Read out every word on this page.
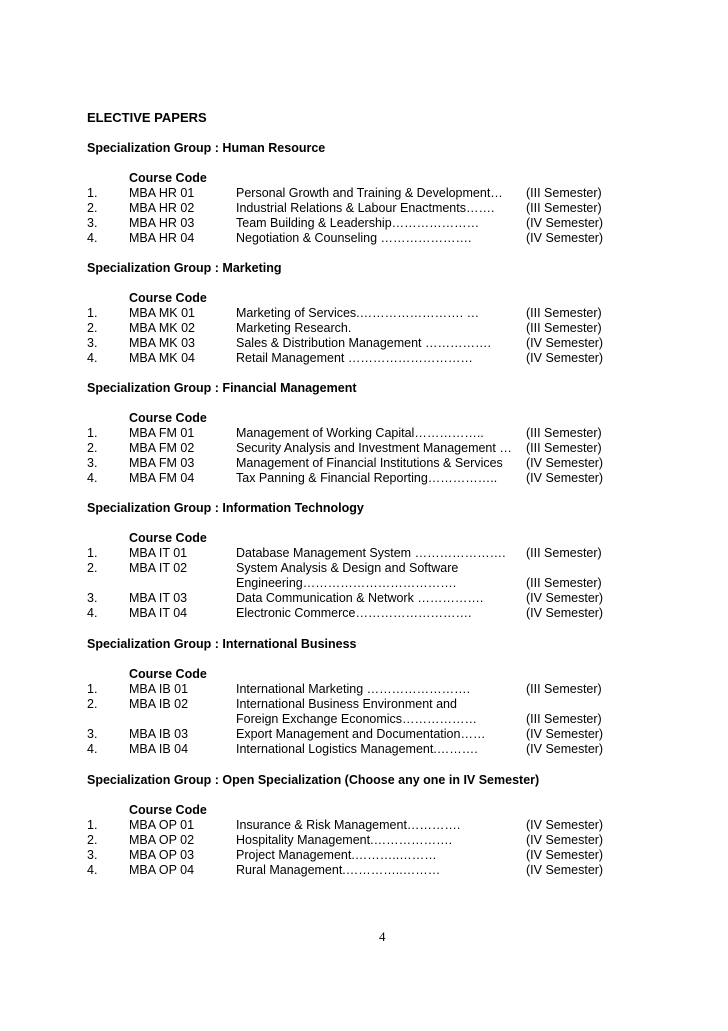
ELECTIVE PAPERS
Specialization Group : Human Resource
Course Code
1.	MBA HR 01	Personal Growth and Training & Development… (III Semester)
2.	MBA HR 02	Industrial Relations & Labour Enactments…….	(III Semester)
3.	MBA HR 03	Team Building & Leadership…………………	(IV Semester)
4.	MBA HR 04	Negotiation & Counseling ………………….	(IV Semester)
Specialization Group : Marketing
Course Code
1.	MBA MK 01	Marketing of Services.……………………. …	(III Semester)
2.	MBA MK 02	Marketing Research.	(III Semester)
3.	MBA MK 03	Sales & Distribution Management …………….	(IV Semester)
4.	MBA MK 04	Retail Management …………………………	(IV Semester)
Specialization Group : Financial Management
Course Code
1.	MBA FM 01	Management of Working Capital……………..	(III Semester)
2.	MBA FM 02	Security Analysis and Investment Management … (III Semester)
3.	MBA FM 03	Management of Financial Institutions & Services (IV Semester)
4.	MBA FM 04	Tax Panning & Financial Reporting…………….. (IV Semester)
Specialization Group : Information Technology
Course Code
1.	MBA IT 01	Database Management System …………………. (III Semester)
2.	MBA IT 02	System Analysis & Design and Software
Engineering……………………………….	(III Semester)
3.	MBA IT 03	Data Communication & Network …………….	(IV Semester)
4.	MBA IT 04	Electronic Commerce……………………….	(IV Semester)
Specialization Group : International Business
Course Code
1.	MBA IB 01	International Marketing …………………….	(III Semester)
2.	MBA IB 02	International Business Environment and
Foreign Exchange Economics………………	(III Semester)
3.	MBA IB 03	Export Management and Documentation……	(IV Semester)
4.	MBA IB 04	International Logistics Management.……….	(IV Semester)
Specialization Group : Open Specialization (Choose any one in IV Semester)
Course Code
1.	MBA OP 01	Insurance & Risk Management………….	(IV Semester)
2.	MBA OP 02	Hospitality Management.……………….	(IV Semester)
3.	MBA OP 03	Project Management.………..………	(IV Semester)
4.	MBA OP 04	Rural Management.…………..………	(IV Semester)
4
